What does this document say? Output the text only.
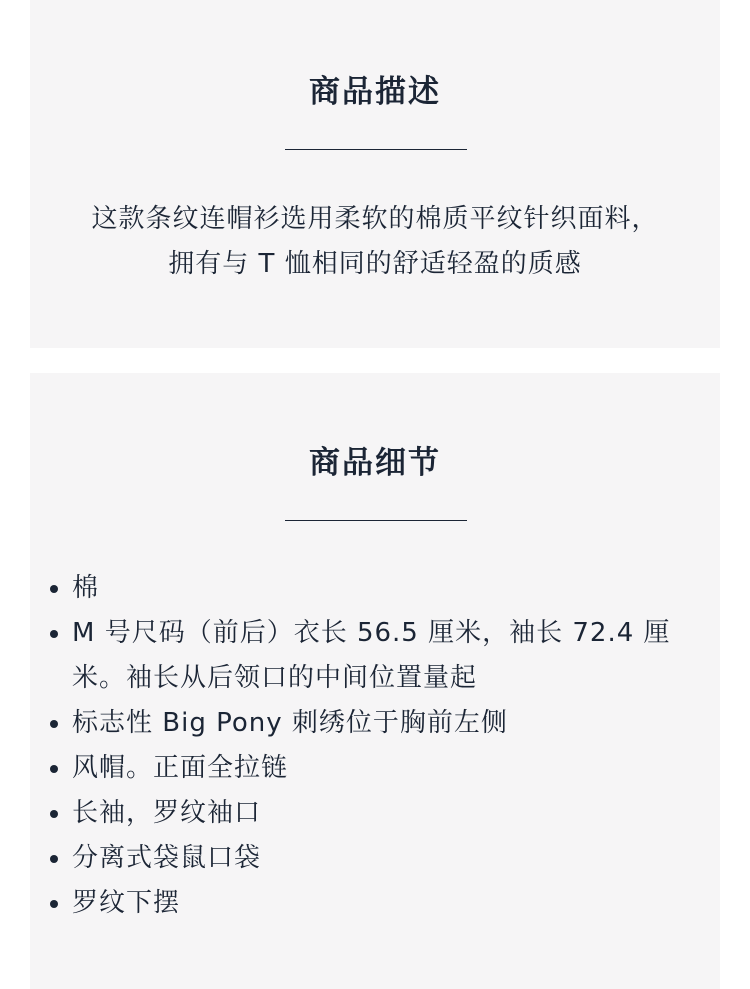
商品描述

这款条纹连帽衫选用柔软的棉质平纹针织面料，
拥有与 T 恤相同的舒适轻盈的质感

商品细节
棉
M 号尺码（前后）衣长 56.5 厘米，袖长 72.4 厘米。袖长从后领口的中间位置量起
标志性 Big Pony 刺绣位于胸前左侧
风帽。正面全拉链
长袖，罗纹袖口
分离式袋鼠口袋
罗纹下摆
